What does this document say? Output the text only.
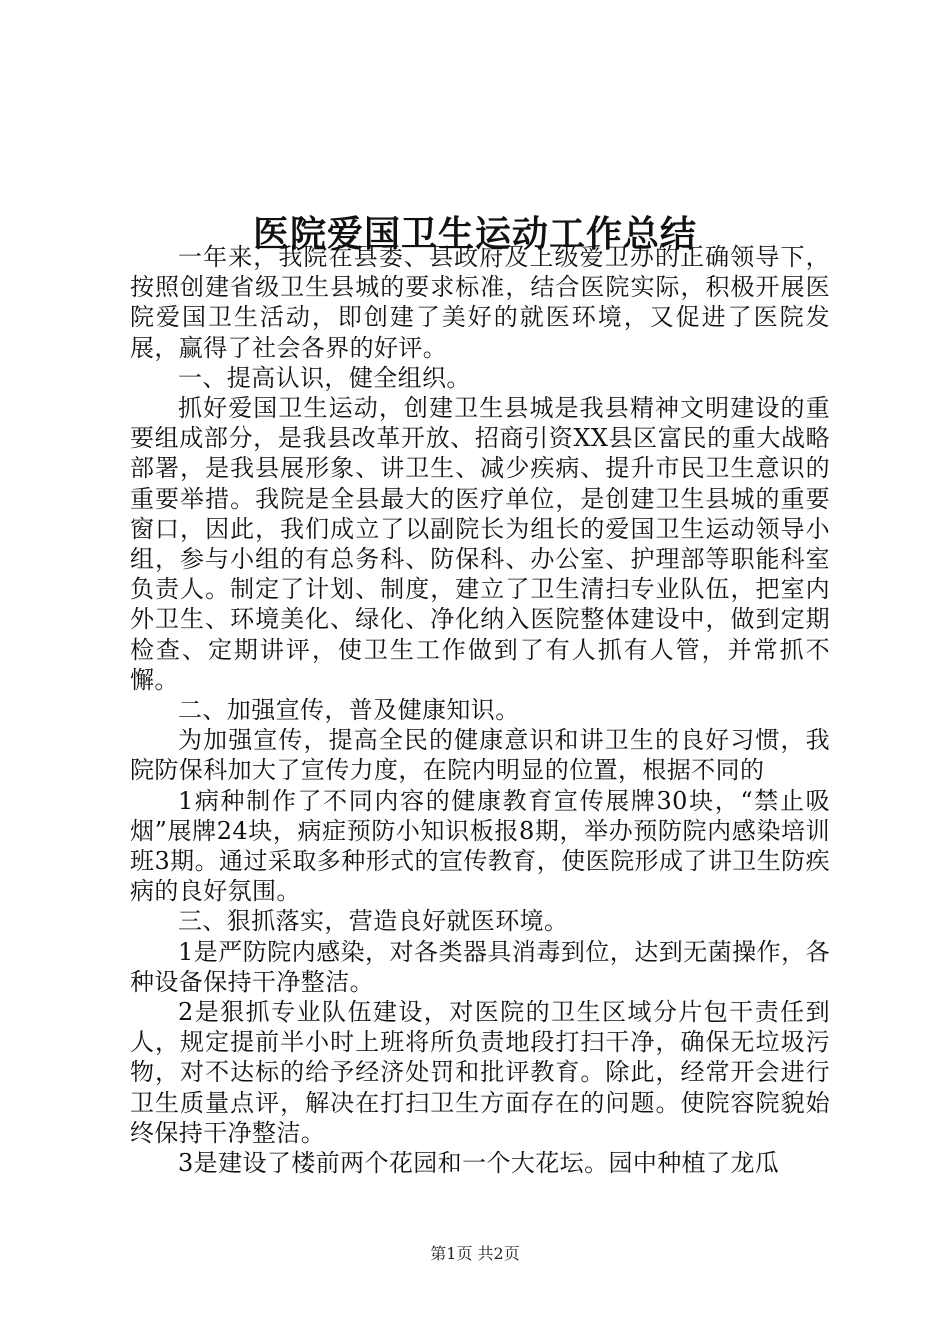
医院爱国卫生运动工作总结

一年来，我院在县委、县政府及上级爱卫办的正确领导下，按照创建省级卫生县城的要求标准，结合医院实际，积极开展医院爱国卫生活动，即创建了美好的就医环境，又促进了医院发展，赢得了社会各界的好评。

一、提高认识，健全组织。

抓好爱国卫生运动，创建卫生县城是我县精神文明建设的重要组成部分，是我县改革开放、招商引资XX县区富民的重大战略部署，是我县展形象、讲卫生、减少疾病、提升市民卫生意识的重要举措。我院是全县最大的医疗单位，是创建卫生县城的重要窗口，因此，我们成立了以副院长为组长的爱国卫生运动领导小组，参与小组的有总务科、防保科、办公室、护理部等职能科室负责人。制定了计划、制度，建立了卫生清扫专业队伍，把室内外卫生、环境美化、绿化、净化纳入医院整体建设中，做到定期检查、定期讲评，使卫生工作做到了有人抓有人管，并常抓不懈。

二、加强宣传，普及健康知识。

为加强宣传，提高全民的健康意识和讲卫生的良好习惯，我院防保科加大了宣传力度，在院内明显的位置，根据不同的

1病种制作了不同内容的健康教育宣传展牌30块，“禁止吸烟”展牌24块，病症预防小知识板报8期，举办预防院内感染培训班3期。通过采取多种形式的宣传教育，使医院形成了讲卫生防疾病的良好氛围。

三、狠抓落实，营造良好就医环境。

1是严防院内感染，对各类器具消毒到位，达到无菌操作，各种设备保持干净整洁。

2是狠抓专业队伍建设，对医院的卫生区域分片包干责任到人，规定提前半小时上班将所负责地段打扫干净，确保无垃圾污物，对不达标的给予经济处罚和批评教育。除此，经常开会进行卫生质量点评，解决在打扫卫生方面存在的问题。使院容院貌始终保持干净整洁。

3是建设了楼前两个花园和一个大花坛。园中种植了龙瓜

第1页 共2页
